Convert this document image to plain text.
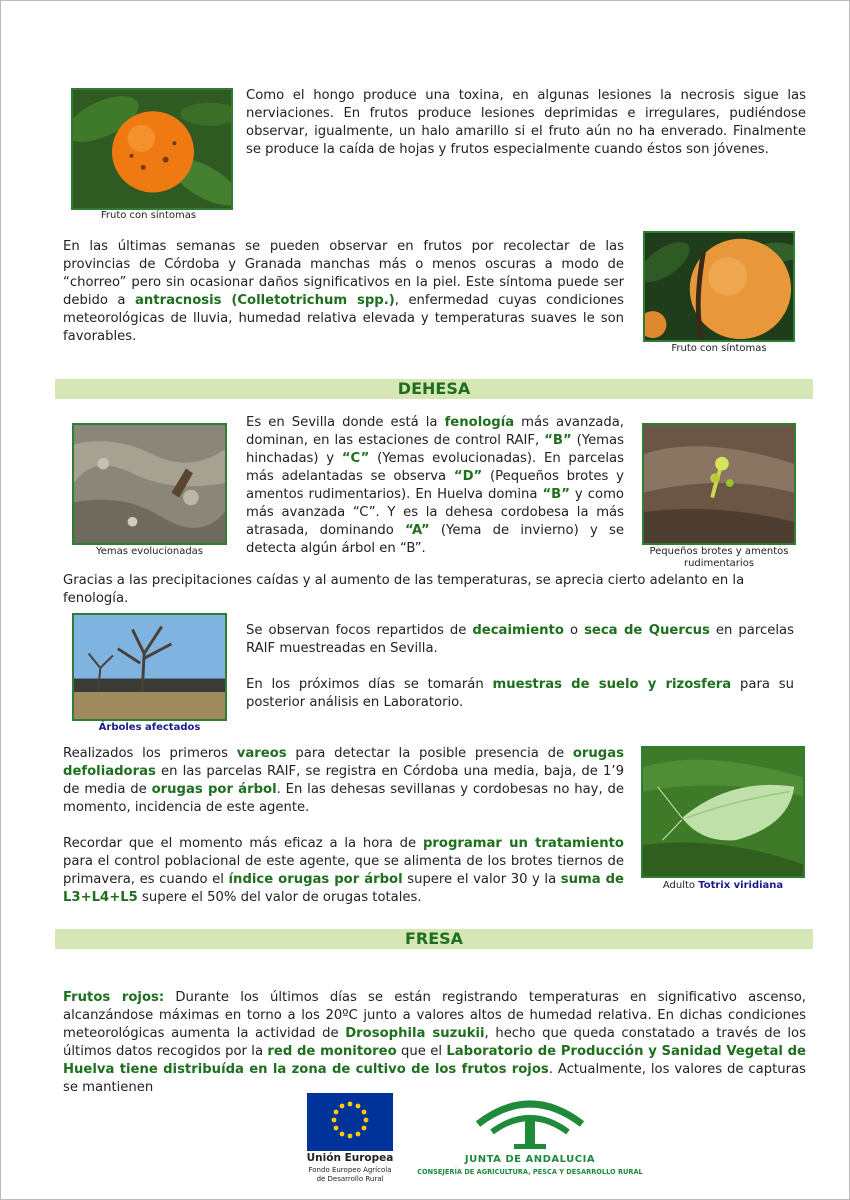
Fruto con síntomas

Como el hongo produce una toxina, en algunas lesiones la necrosis sigue las nerviaciones. En frutos produce lesiones deprimidas e irregulares, pudiéndose observar, igualmente, un halo amarillo si el fruto aún no ha enverado. Finalmente se produce la caída de hojas y frutos especialmente cuando éstos son jóvenes.

En las últimas semanas se pueden observar en frutos por recolectar de las provincias de Córdoba y Granada manchas más o menos oscuras a modo de “chorreo” pero sin ocasionar daños significativos en la piel. Este síntoma puede ser debido a antracnosis (Colletotrichum spp.), enfermedad cuyas condiciones meteorológicas de lluvia, humedad relativa elevada y temperaturas suaves le son favorables.

Fruto con síntomas
DEHESA
Yemas evolucionadas

Es en Sevilla donde está la fenología más avanzada, dominan, en las estaciones de control RAIF, “B” (Yemas hinchadas) y “C” (Yemas evolucionadas). En parcelas más adelantadas se observa “D” (Pequeños brotes y amentos rudimentarios). En Huelva domina “B” y como más avanzada “C”. Y es la dehesa cordobesa la más atrasada, dominando “A” (Yema de invierno) y se detecta algún árbol en “B”.	Pequeños brotes y amentos rudimentarios

Gracias a las precipitaciones caídas y al aumento de las temperaturas, se aprecia cierto adelanto en la fenología.

Árboles afectados

Se observan focos repartidos de decaimiento o seca de Quercus en parcelas RAIF muestreadas en Sevilla.

En los próximos días se tomarán muestras de suelo y rizosfera para su posterior análisis en Laboratorio.

Realizados los primeros vareos para detectar la posible presencia de orugas defoliadoras en las parcelas RAIF, se registra en Córdoba una media, baja, de 1’9 de media de orugas por árbol. En las dehesas sevillanas y cordobesas no hay, de momento, incidencia de este agente.

Recordar que el momento más eficaz a la hora de programar un tratamiento para el control poblacional de este agente, que se alimenta de los brotes tiernos de primavera, es cuando el índice orugas por árbol supere el valor 30 y la suma de L3+L4+L5 supere el 50% del valor de orugas totales.

Adulto Totrix viridiana
FRESA

Frutos rojos: Durante los últimos días se están registrando temperaturas en significativo ascenso, alcanzándose máximas en torno a los 20ºC junto a valores altos de humedad relativa. En dichas condiciones meteorológicas aumenta la actividad de Drosophila suzukii, hecho que queda constatado a través de los últimos datos recogidos por la red de monitoreo que el Laboratorio de Producción y Sanidad Vegetal de Huelva tiene distribuída en la zona de cultivo de los frutos rojos. Actualmente, los valores de capturas se mantienen

Unión Europea
Fondo Europeo Agrícola
de Desarrollo Rural
JUNTA DE ANDALUCIA
CONSEJERÍA DE AGRICULTURA, PESCA Y DESARROLLO RURAL
